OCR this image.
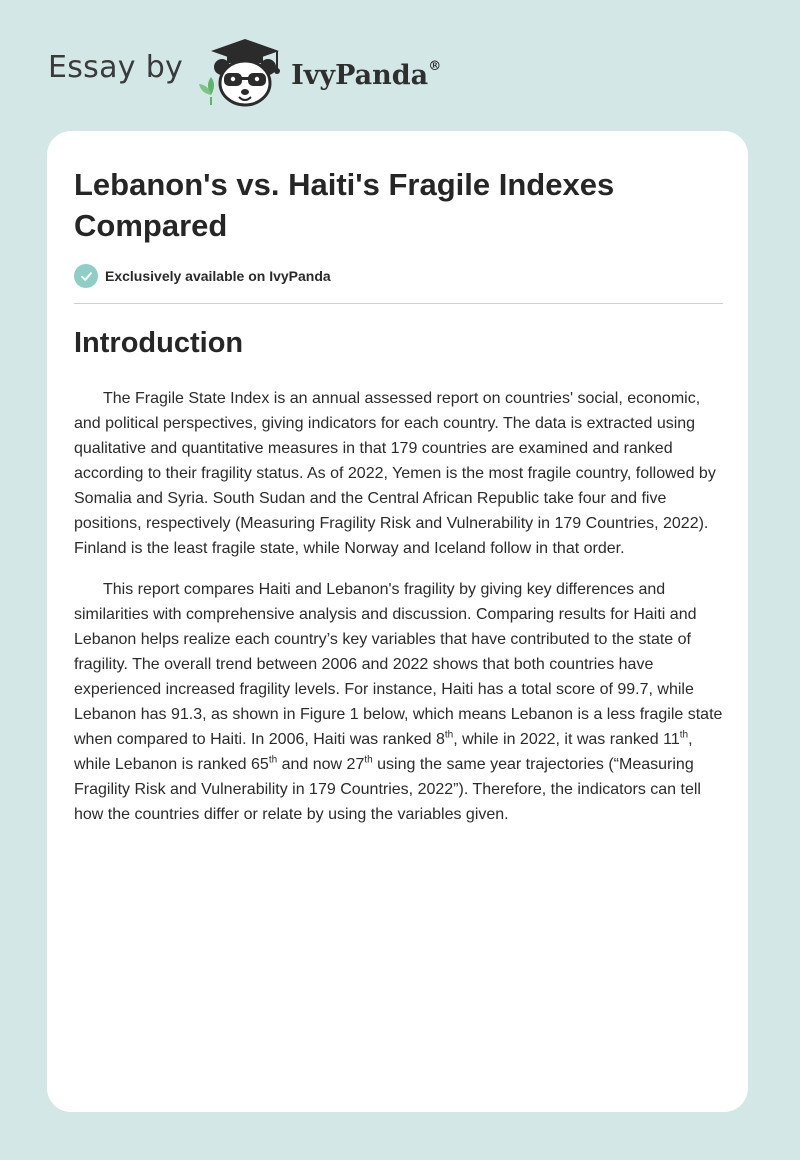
Essay by	IvyPanda®
Lebanon's vs. Haiti's Fragile Indexes Compared
Exclusively available on IvyPanda
Introduction

The Fragile State Index is an annual assessed report on countries' social, economic, and political perspectives, giving indicators for each country. The data is extracted using qualitative and quantitative measures in that 179 countries are examined and ranked according to their fragility status. As of 2022, Yemen is the most fragile country, followed by Somalia and Syria. South Sudan and the Central African Republic take four and five positions, respectively (Measuring Fragility Risk and Vulnerability in 179 Countries, 2022). Finland is the least fragile state, while Norway and Iceland follow in that order.

This report compares Haiti and Lebanon's fragility by giving key differences and similarities with comprehensive analysis and discussion. Comparing results for Haiti and Lebanon helps realize each country’s key variables that have contributed to the state of fragility. The overall trend between 2006 and 2022 shows that both countries have experienced increased fragility levels. For instance, Haiti has a total score of 99.7, while Lebanon has 91.3, as shown in Figure 1 below, which means Lebanon is a less fragile state when compared to Haiti. In 2006, Haiti was ranked 8th, while in 2022, it was ranked 11th, while Lebanon is ranked 65th and now 27th using the same year trajectories (“Measuring Fragility Risk and Vulnerability in 179 Countries, 2022”). Therefore, the indicators can tell how the countries differ or relate by using the variables given.
